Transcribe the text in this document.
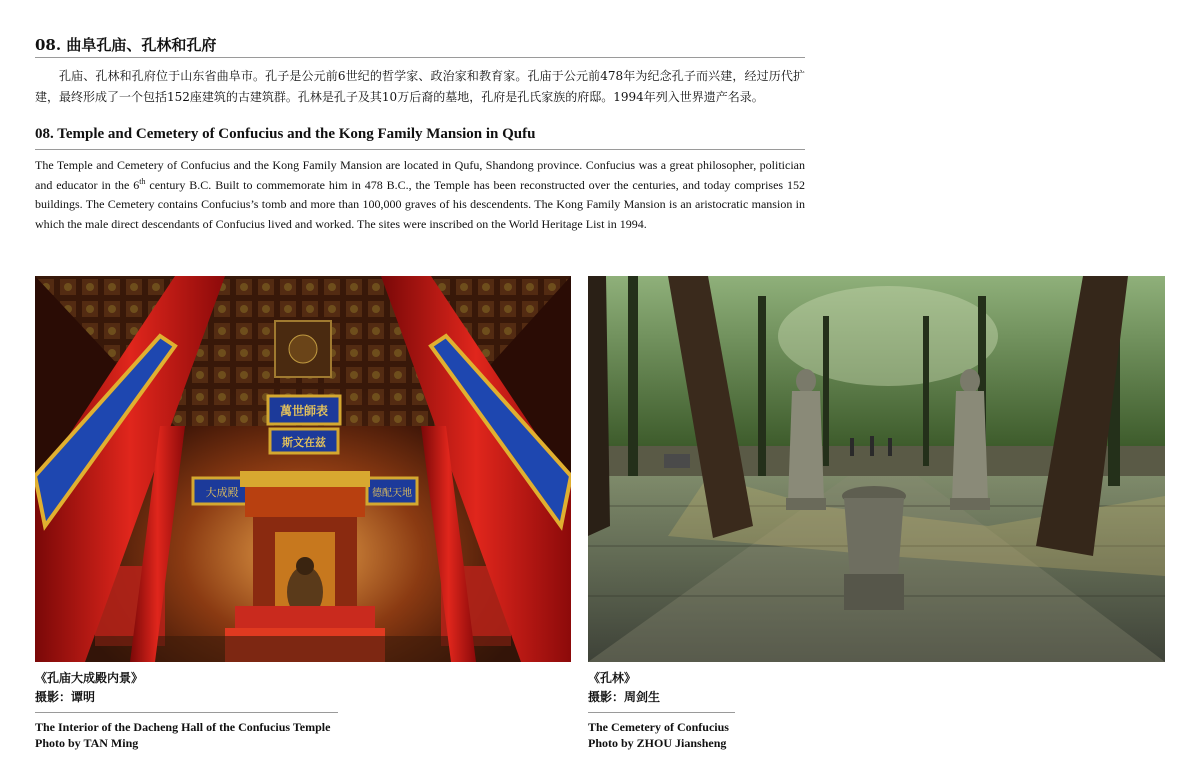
08. 曲阜孔庙、孔林和孔府
孔庙、孔林和孔府位于山东省曲阜市。孔子是公元前6世纪的哲学家、政治家和教育家。孔庙于公元前478年为纪念孔子而兴建，经过历代扩建，最终形成了一个包括152座建筑的古建筑群。孔林是孔子及其10万后裔的墓地，孔府是孔氏家族的府邸。1994年列入世界遗产名录。
08. Temple and Cemetery of Confucius and the Kong Family Mansion in Qufu
The Temple and Cemetery of Confucius and the Kong Family Mansion are located in Qufu, Shandong province. Confucius was a great philosopher, politician and educator in the 6th century B.C. Built to commemorate him in 478 B.C., the Temple has been reconstructed over the centuries, and today comprises 152 buildings. The Cemetery contains Confucius’s tomb and more than 100,000 graves of his descendents. The Kong Family Mansion is an aristocratic mansion in which the male direct descendants of Confucius lived and worked. The sites were inscribed on the World Heritage List in 1994.
萬世師表
斯文在兹
大成殿	德配天地
《孔庙大成殿内景》
摄影：谭明
The Interior of the Dacheng Hall of the Confucius Temple
Photo by TAN Ming
《孔林》
摄影：周剑生
The Cemetery of Confucius
Photo by ZHOU Jiansheng
